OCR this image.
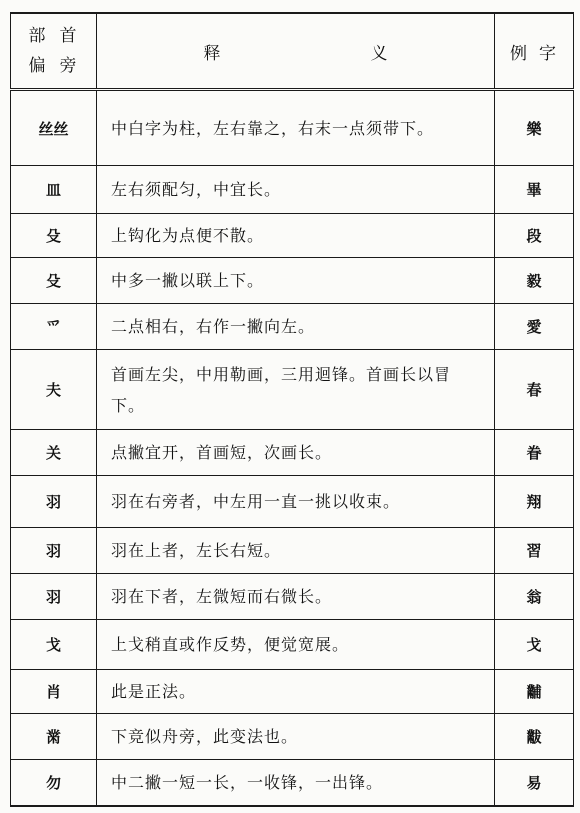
部首
偏旁	释 义	例字
丝丝	中白字为柱，左右靠之，右末一点须带下。	樂
皿	左右须配匀，中宜长。	畢
殳	上钩化为点便不散。	段
殳	中多一撇以联上下。	毅
爫	二点相右，右作一撇向左。	愛
夫	首画左尖，中用勒画，三用迴锋。首画长以冒下。	春
关	点撇宜开，首画短，次画长。	眷
羽	羽在右旁者，中左用一直一挑以收束。	翔
羽	羽在上者，左长右短。	習
羽	羽在下者，左微短而右微长。	翁
戈	上戈稍直或作反势，便觉宽展。	戈
肖	此是正法。	黼
黹	下竞似舟旁，此变法也。	黻
勿	中二撇一短一长，一收锋，一出锋。	易
